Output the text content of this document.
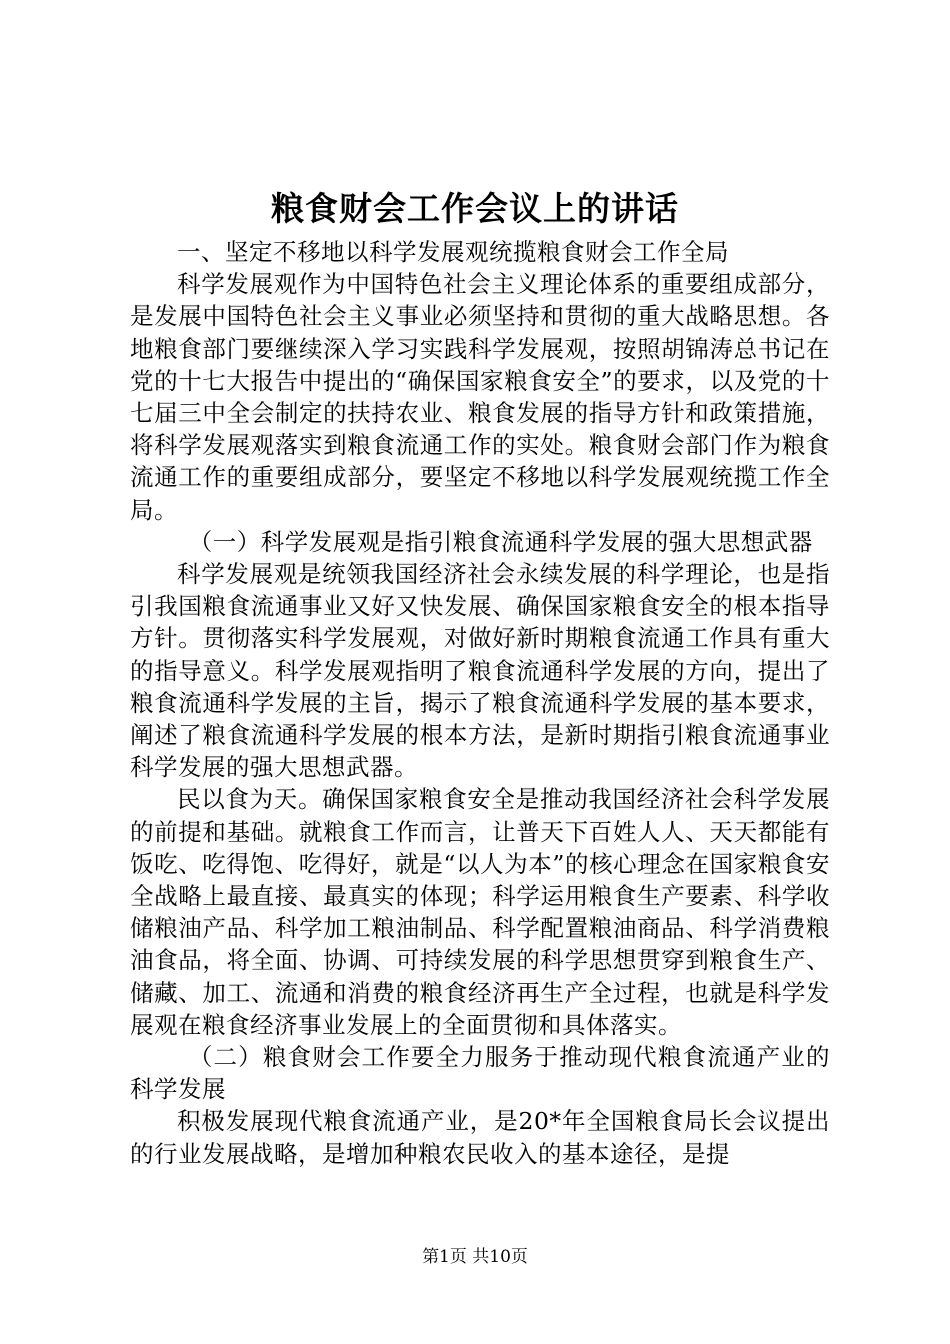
粮食财会工作会议上的讲话

一、坚定不移地以科学发展观统揽粮食财会工作全局

科学发展观作为中国特色社会主义理论体系的重要组成部分，是发展中国特色社会主义事业必须坚持和贯彻的重大战略思想。各地粮食部门要继续深入学习实践科学发展观，按照胡锦涛总书记在党的十七大报告中提出的“确保国家粮食安全”的要求，以及党的十七届三中全会制定的扶持农业、粮食发展的指导方针和政策措施，将科学发展观落实到粮食流通工作的实处。粮食财会部门作为粮食流通工作的重要组成部分，要坚定不移地以科学发展观统揽工作全局。

（一）科学发展观是指引粮食流通科学发展的强大思想武器

科学发展观是统领我国经济社会永续发展的科学理论，也是指引我国粮食流通事业又好又快发展、确保国家粮食安全的根本指导方针。贯彻落实科学发展观，对做好新时期粮食流通工作具有重大的指导意义。科学发展观指明了粮食流通科学发展的方向，提出了粮食流通科学发展的主旨，揭示了粮食流通科学发展的基本要求，阐述了粮食流通科学发展的根本方法，是新时期指引粮食流通事业科学发展的强大思想武器。

民以食为天。确保国家粮食安全是推动我国经济社会科学发展的前提和基础。就粮食工作而言，让普天下百姓人人、天天都能有饭吃、吃得饱、吃得好，就是“以人为本”的核心理念在国家粮食安全战略上最直接、最真实的体现；科学运用粮食生产要素、科学收储粮油产品、科学加工粮油制品、科学配置粮油商品、科学消费粮油食品，将全面、协调、可持续发展的科学思想贯穿到粮食生产、储藏、加工、流通和消费的粮食经济再生产全过程，也就是科学发展观在粮食经济事业发展上的全面贯彻和具体落实。

（二）粮食财会工作要全力服务于推动现代粮食流通产业的科学发展

积极发展现代粮食流通产业，是20*年全国粮食局长会议提出的行业发展战略，是增加种粮农民收入的基本途径，是提

第1页 共10页
